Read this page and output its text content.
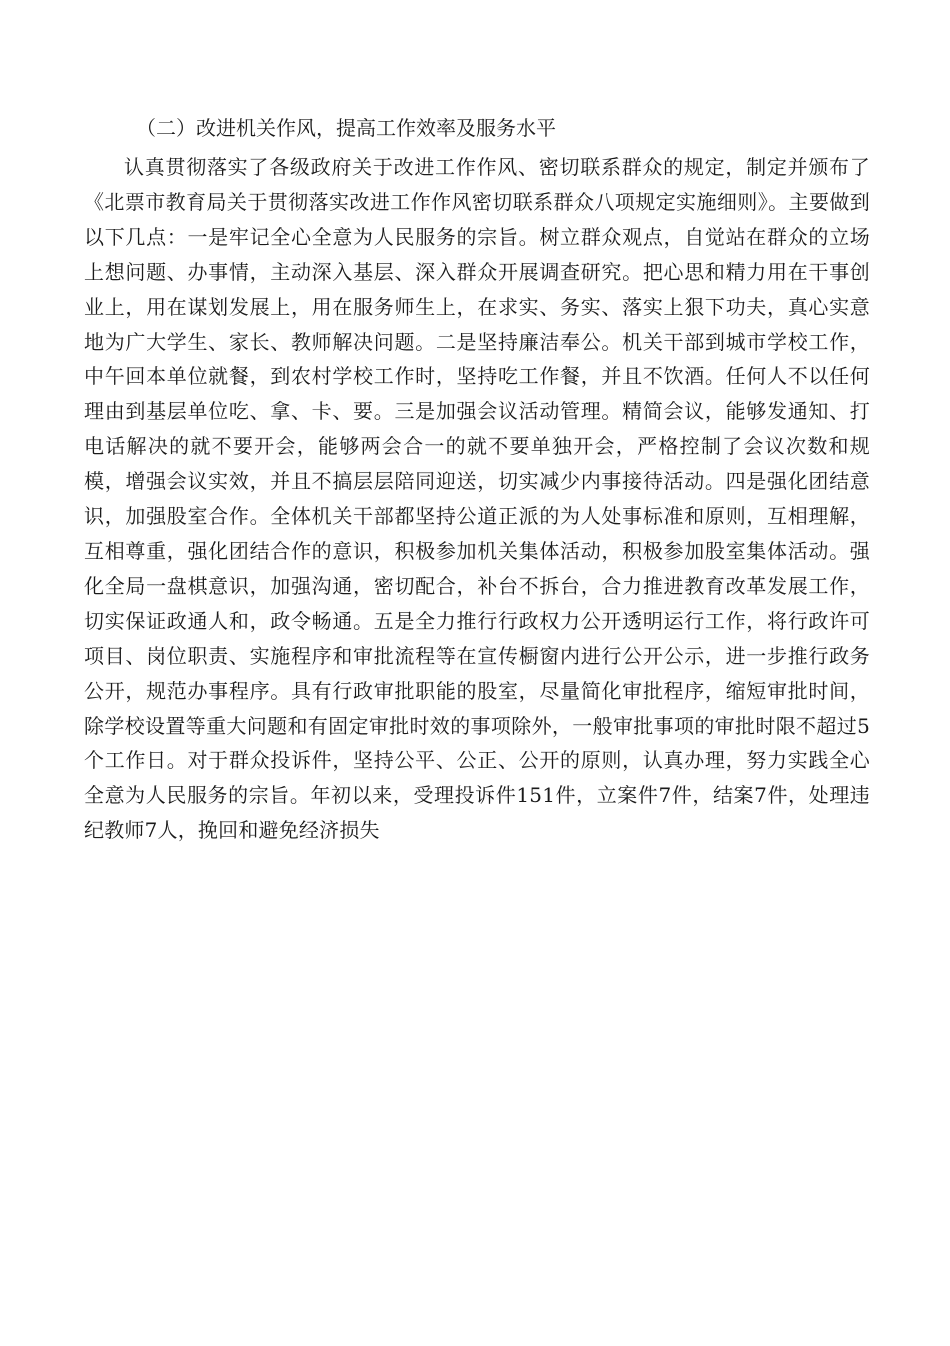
（二）改进机关作风，提高工作效率及服务水平

认真贯彻落实了各级政府关于改进工作作风、密切联系群众的规定，制定并颁布了《北票市教育局关于贯彻落实改进工作作风密切联系群众八项规定实施细则》。主要做到以下几点：一是牢记全心全意为人民服务的宗旨。树立群众观点，自觉站在群众的立场上想问题、办事情，主动深入基层、深入群众开展调查研究。把心思和精力用在干事创业上，用在谋划发展上，用在服务师生上，在求实、务实、落实上狠下功夫，真心实意地为广大学生、家长、教师解决问题。二是坚持廉洁奉公。机关干部到城市学校工作，中午回本单位就餐，到农村学校工作时，坚持吃工作餐，并且不饮酒。任何人不以任何理由到基层单位吃、拿、卡、要。三是加强会议活动管理。精简会议，能够发通知、打电话解决的就不要开会，能够两会合一的就不要单独开会，严格控制了会议次数和规模，增强会议实效，并且不搞层层陪同迎送，切实减少内事接待活动。四是强化团结意识，加强股室合作。全体机关干部都坚持公道正派的为人处事标准和原则，互相理解，互相尊重，强化团结合作的意识，积极参加机关集体活动，积极参加股室集体活动。强化全局一盘棋意识，加强沟通，密切配合，补台不拆台，合力推进教育改革发展工作，切实保证政通人和，政令畅通。五是全力推行行政权力公开透明运行工作，将行政许可项目、岗位职责、实施程序和审批流程等在宣传橱窗内进行公开公示，进一步推行政务公开，规范办事程序。具有行政审批职能的股室，尽量简化审批程序，缩短审批时间，除学校设置等重大问题和有固定审批时效的事项除外，一般审批事项的审批时限不超过5个工作日。对于群众投诉件，坚持公平、公正、公开的原则，认真办理，努力实践全心全意为人民服务的宗旨。年初以来，受理投诉件151件，立案件7件，结案7件，处理违纪教师7人，挽回和避免经济损失
